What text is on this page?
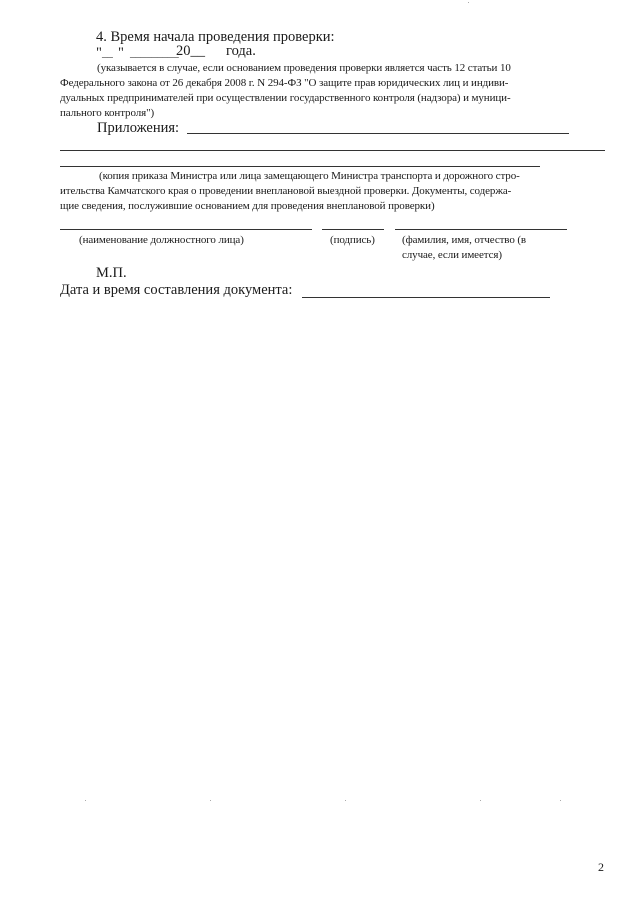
4. Время начала проведения проверки:
" __ " _________
20__ года.
(указывается в случае, если основанием проведения проверки является часть 12 статьи 10
Федерального закона от 26 декабря 2008 г. N 294-ФЗ "О защите прав юридических лиц и индиви-
дуальных предпринимателей при осуществлении государственного контроля (надзора) и муници-
пального контроля")
Приложения:
(копия приказа Министра или лица замещающего Министра транспорта и дорожного стро-
ительства Камчатского края о проведении внеплановой выездной проверки. Документы, содержа-
щие сведения, послужившие основанием для проведения внеплановой проверки)
(наименование должностного лица)	(подпись) (фамилия, имя, отчество (в
случае, если имеется)
М.П.
Дата и время составления документа:
2
